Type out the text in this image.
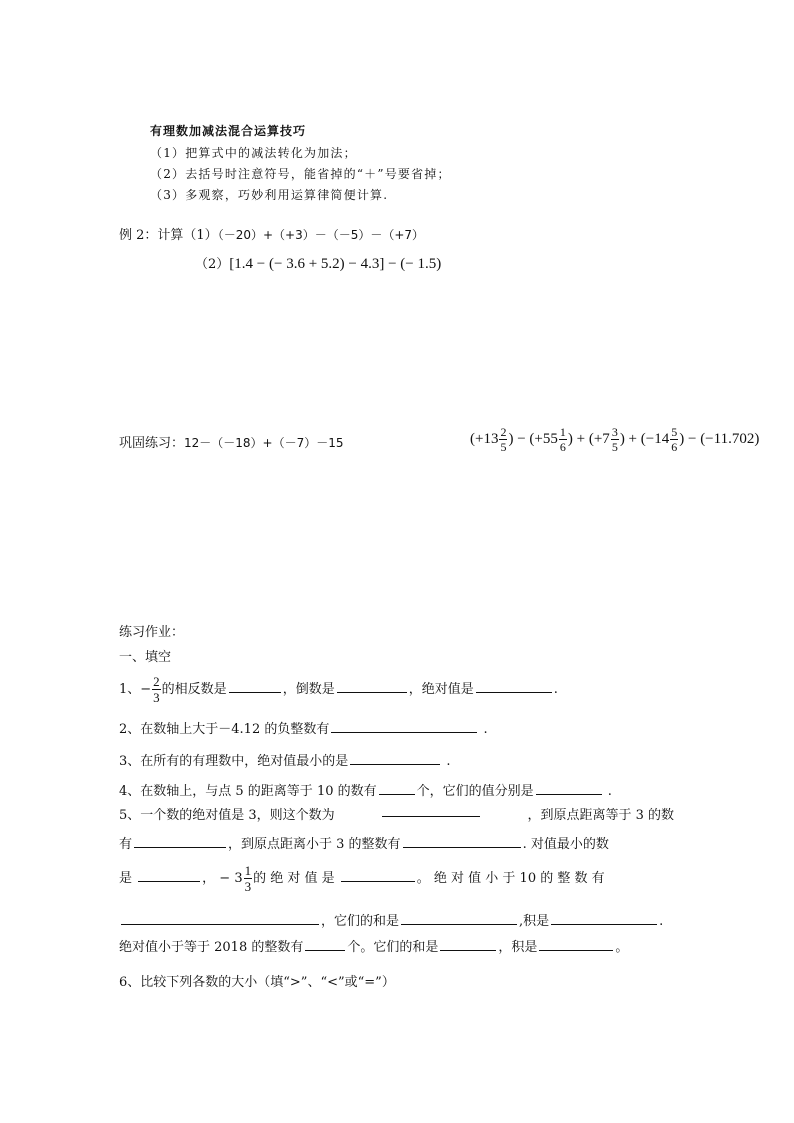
有理数加减法混合运算技巧
（1）把算式中的减法转化为加法；
（2）去括号时注意符号，能省掉的“＋”号要省掉；
（3）多观察，巧妙利用运算律简便计算.
例 2：计算（1）（－20）+（+3）－（－5）－（+7）
（2）[1.4 − (− 3.6 + 5.2) − 4.3] − (− 1.5)
巩固练习：12－（－18）+（－7）－15	($+13 \frac{2}{5}$ ) − ($+55 \frac{1}{6}$ ) + ($+7 \frac{3}{5}$ ) + ($-14 \frac{5}{6}$ ) − (−11.702)
练习作业：
一、填空
1、− $\frac{2}{3}$ 的相反数是	，倒数是	，绝对值是	.
2、在数轴上大于－4.12 的负整数有	.
3、在所有的有理数中，绝对值最小的是	.
4、在数轴上，与点 5 的距离等于 10 的数有	个，它们的值分别是	.
5、一个数的绝对值是 3，则这个数为	，到原点距离等于 3 的数
有	，到原点距离小于 3 的整数有	. 对值最小的数
是	， − $3 \frac{1}{3}$ 的 绝 对 值 是	。 绝 对 值 小 于 10 的 整 数 有
，它们的和是	,积是	.
绝对值小于等于 2018 的整数有	个。它们的和是	，积是	。
6、比较下列各数的大小（填“>”、“<”或“=”）
